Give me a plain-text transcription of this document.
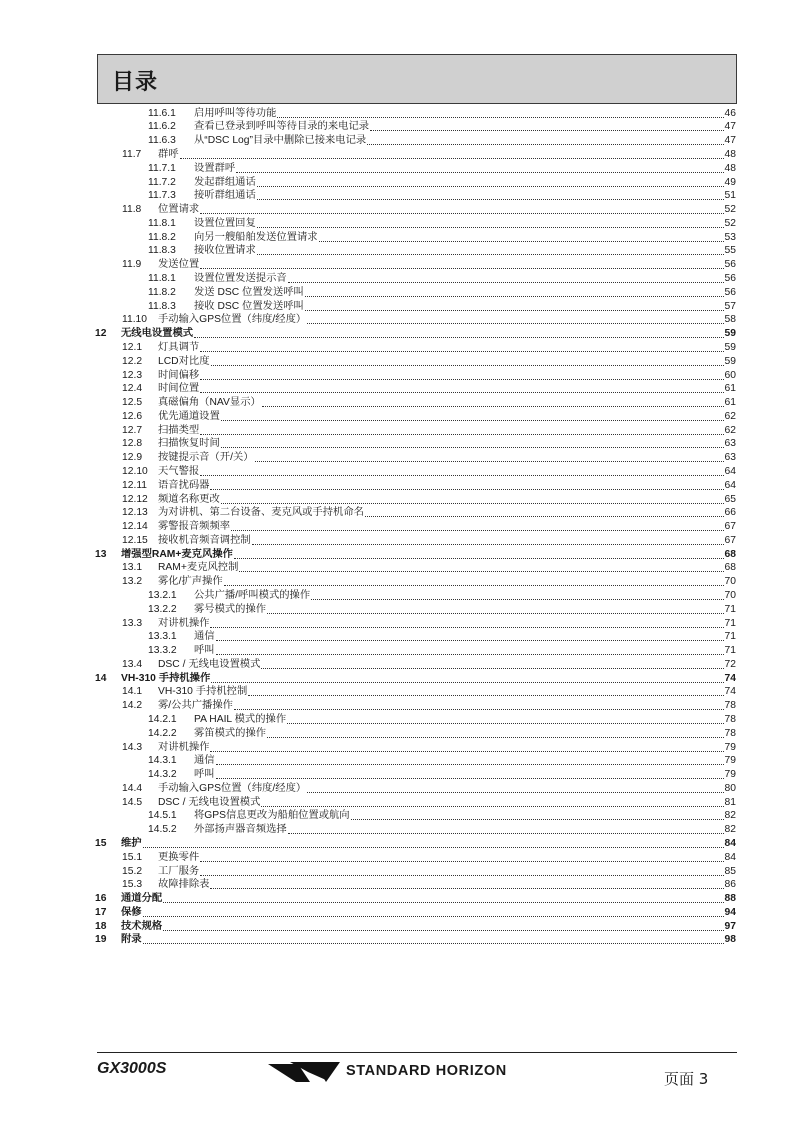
目录
11.6.1	启用呼叫等待功能	46
11.6.2	查看已登录到呼叫等待目录的来电记录	47
11.6.3	从“DSC Log”目录中删除已接来电记录	47
11.7	群呼	48
11.7.1	设置群呼	48
11.7.2	发起群组通话	49
11.7.3	接听群组通话	51
11.8	位置请求	52
11.8.1	设置位置回复	52
11.8.2	向另一艘船舶发送位置请求	53
11.8.3	接收位置请求	55
11.9	发送位置	56
11.8.1	设置位置发送提示音	56
11.8.2	发送 DSC 位置发送呼叫	56
11.8.3	接收 DSC 位置发送呼叫	57
11.10	手动输入GPS位置（纬度/经度）	58
12	无线电设置模式	59
12.1	灯具调节	59
12.2	LCD对比度	59
12.3	时间偏移	60
12.4	时间位置	61
12.5	真磁偏角（NAV显示）	61
12.6	优先通道设置	62
12.7	扫描类型	62
12.8	扫描恢复时间	63
12.9	按键提示音（开/关）	63
12.10 天气警报	64
12.11	语音扰码器	64
12.12 频道名称更改	65
12.13 为对讲机、第二台设备、麦克风或手持机命名	66
12.14 雾警报音频频率	67
12.15 接收机音频音调控制	67
13	增强型RAM+麦克风操作	68
13.1	RAM+麦克风控制	68
13.2	雾化/扩声操作	70
13.2.1	公共广播/呼叫模式的操作	70
13.2.2	雾号模式的操作	71
13.3	对讲机操作	71
13.3.1	通信	71
13.3.2	呼叫	71
13.4	DSC / 无线电设置模式	72
14	VH-310 手持机操作	74
14.1	VH-310 手持机控制	74
14.2	雾/公共广播操作	78
14.2.1	PA HAIL 模式的操作	78
14.2.2	雾笛模式的操作	78
14.3	对讲机操作	79
14.3.1	通信	79
14.3.2	呼叫	79
14.4	手动输入GPS位置（纬度/经度）	80
14.5	DSC / 无线电设置模式	81
14.5.1	将GPS信息更改为船舶位置或航向	82
14.5.2	外部扬声器音频选择	82
15	维护	84
15.1	更换零件	84
15.2	工厂服务	85
15.3	故障排除表	86
16	通道分配	88
17	保修	94
18	技术规格	97
19	附录	98
GX3000S	STANDARD HORIZON	页面 3
